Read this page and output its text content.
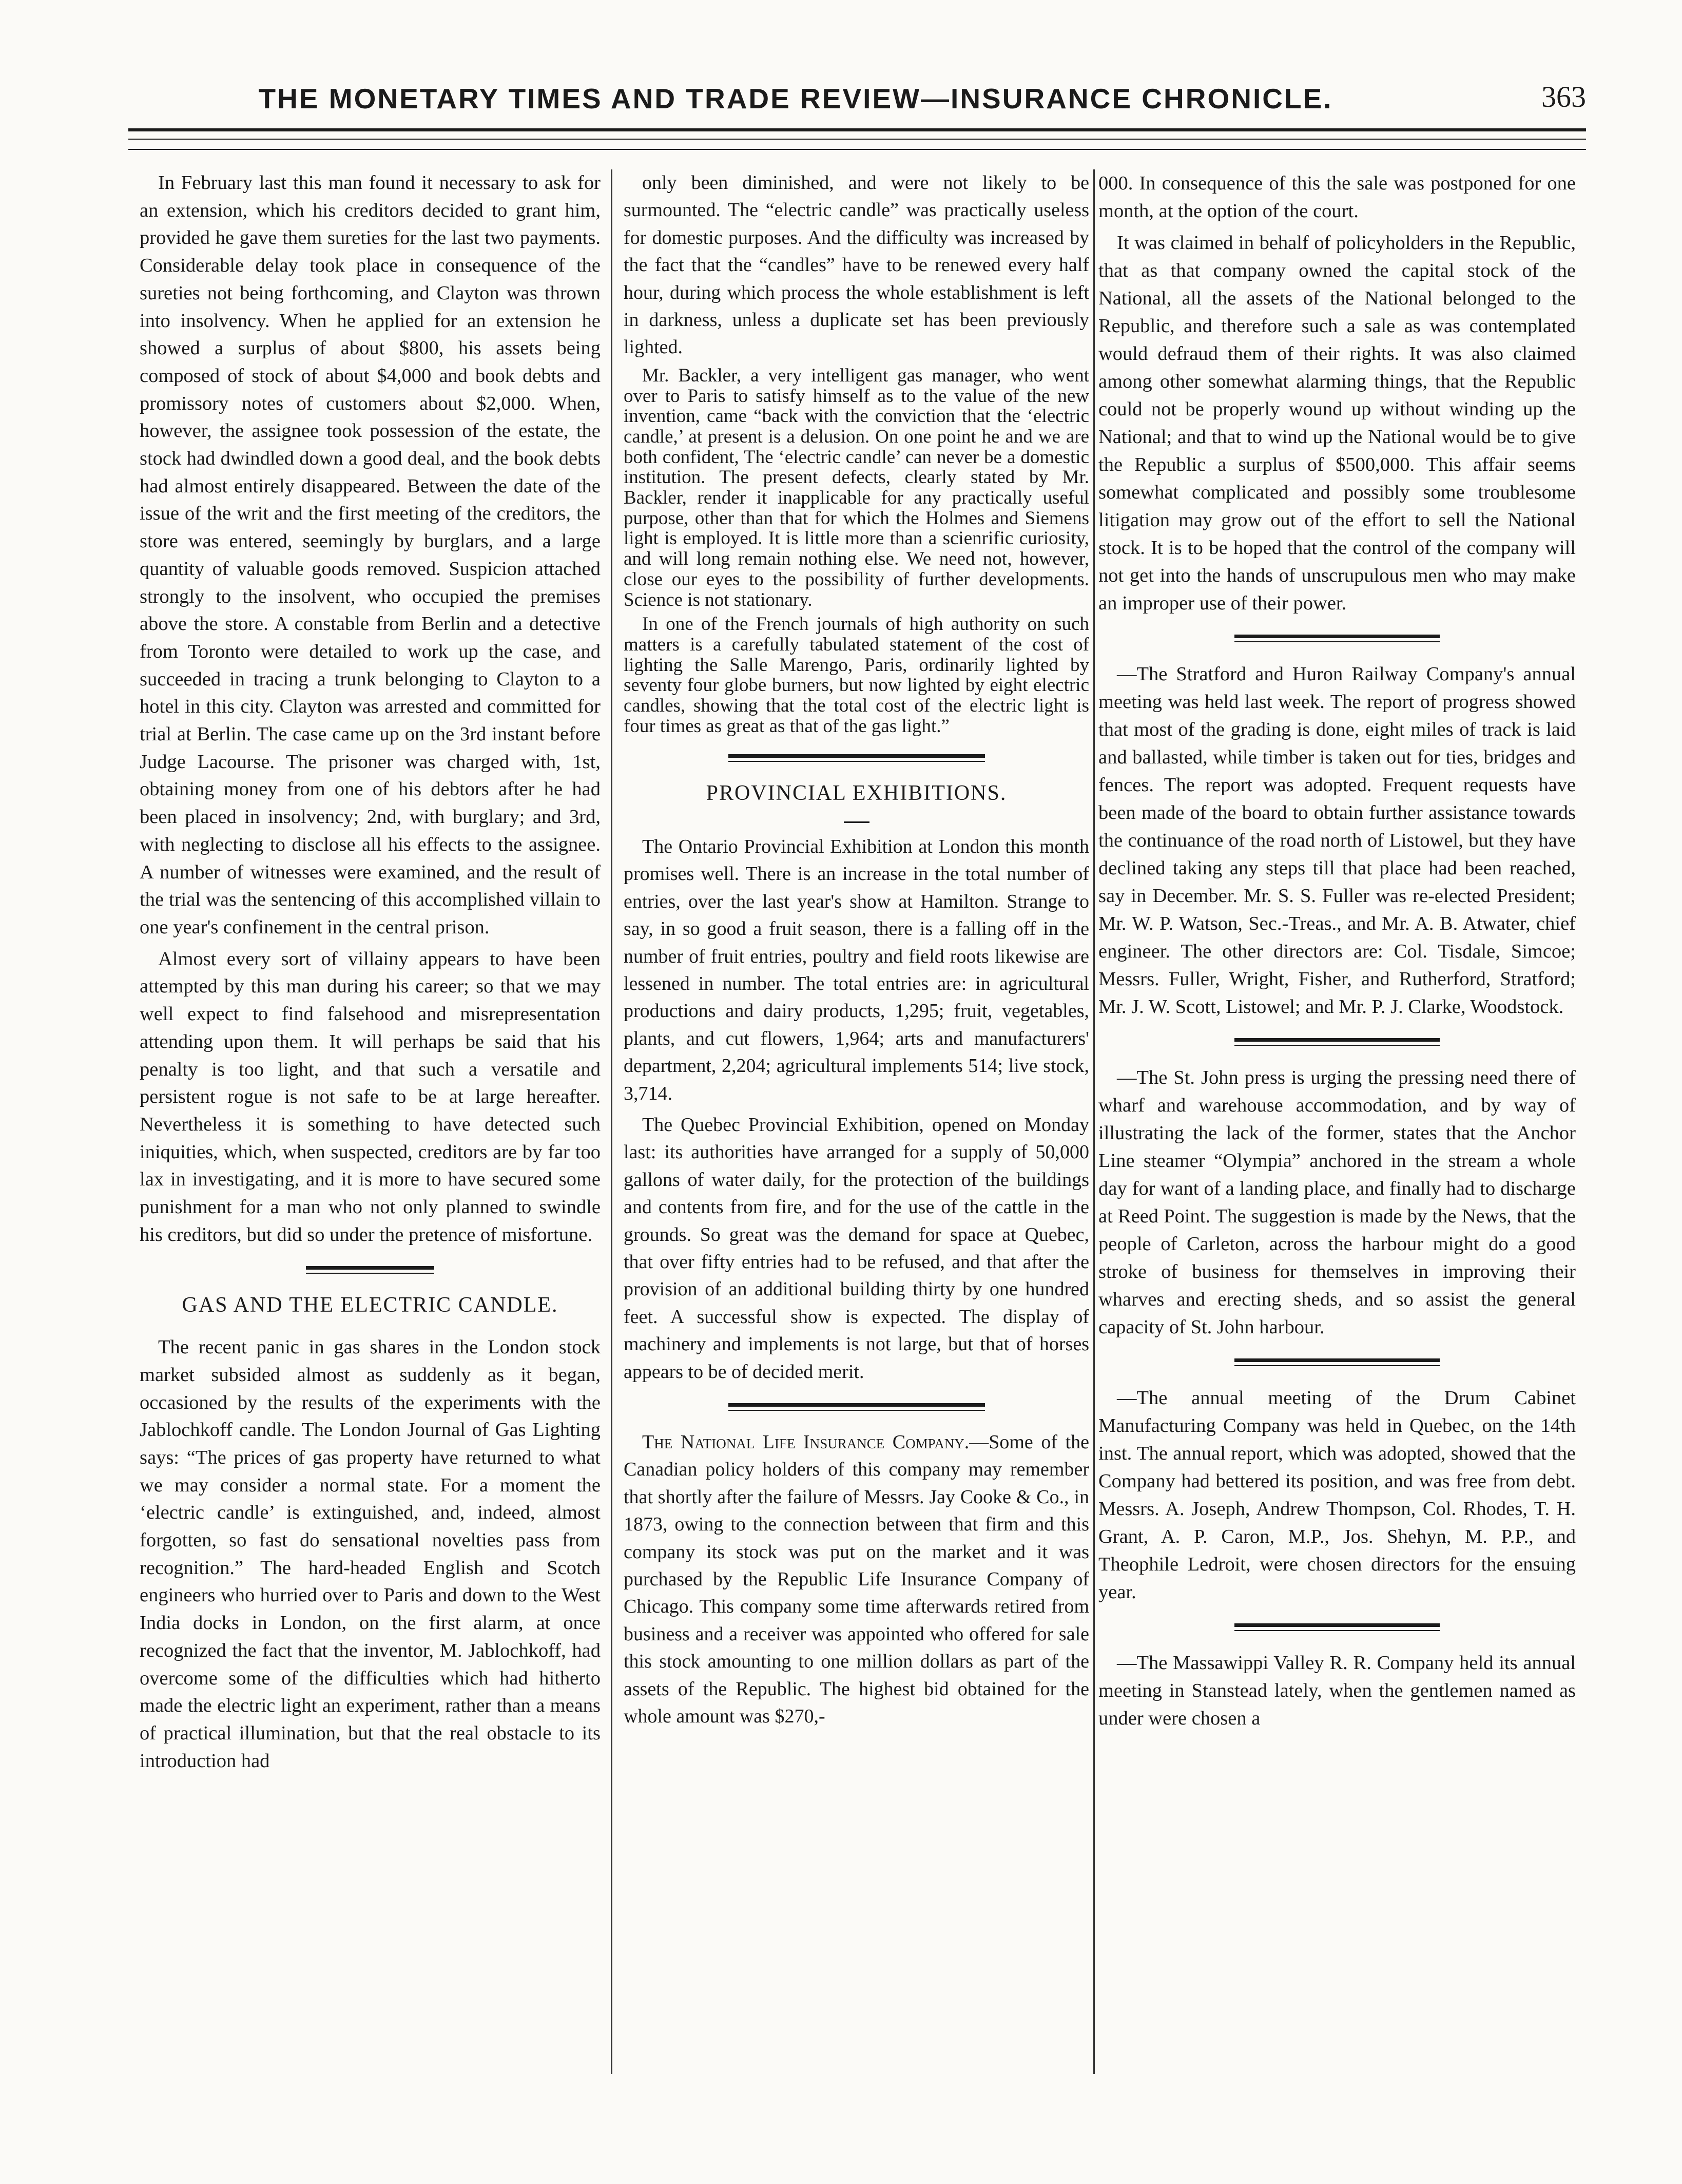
THE MONETARY TIMES AND TRADE REVIEW—INSURANCE CHRONICLE.	363

In February last this man found it necessary to ask for an extension, which his creditors decided to grant him, provided he gave them sureties for the last two payments. Considerable delay took place in consequence of the sureties not being forthcoming, and Clayton was thrown into insolvency. When he applied for an extension he showed a surplus of about $800, his assets being composed of stock of about $4,000 and book debts and promissory notes of customers about $2,000. When, however, the assignee took possession of the estate, the stock had dwindled down a good deal, and the book debts had almost entirely disappeared. Between the date of the issue of the writ and the first meeting of the creditors, the store was entered, seemingly by burglars, and a large quantity of valuable goods removed. Suspicion attached strongly to the insolvent, who occupied the premises above the store. A constable from Berlin and a detective from Toronto were detailed to work up the case, and succeeded in tracing a trunk belonging to Clayton to a hotel in this city. Clayton was arrested and committed for trial at Berlin. The case came up on the 3rd instant before Judge Lacourse. The prisoner was charged with, 1st, obtaining money from one of his debtors after he had been placed in insolvency; 2nd, with burglary; and 3rd, with neglecting to disclose all his effects to the assignee. A number of witnesses were examined, and the result of the trial was the sentencing of this accomplished villain to one year's confinement in the central prison.

Almost every sort of villainy appears to have been attempted by this man during his career; so that we may well expect to find falsehood and misrepresentation attending upon them. It will perhaps be said that his penalty is too light, and that such a versatile and persistent rogue is not safe to be at large hereafter. Nevertheless it is something to have detected such iniquities, which, when suspected, creditors are by far too lax in investigating, and it is more to have secured some punishment for a man who not only planned to swindle his creditors, but did so under the pretence of misfortune.

GAS AND THE ELECTRIC CANDLE.

The recent panic in gas shares in the London stock market subsided almost as suddenly as it began, occasioned by the results of the experiments with the Jablochkoff candle. The London Journal of Gas Lighting says: “The prices of gas property have returned to what we may consider a normal state. For a moment the ‘electric candle’ is extinguished, and, indeed, almost forgotten, so fast do sensational novelties pass from recognition.” The hard-headed English and Scotch engineers who hurried over to Paris and down to the West India docks in London, on the first alarm, at once recognized the fact that the inventor, M. Jablochkoff, had overcome some of the difficulties which had hitherto made the electric light an experiment, rather than a means of practical illumination, but that the real obstacle to its introduction had

only been diminished, and were not likely to be surmounted. The “electric candle” was practically useless for domestic purposes. And the difficulty was increased by the fact that the “candles” have to be renewed every half hour, during which process the whole establishment is left in darkness, unless a duplicate set has been previously lighted.

Mr. Backler, a very intelligent gas manager, who went over to Paris to satisfy himself as to the value of the new invention, came “back with the conviction that the ‘electric candle,’ at present is a delusion. On one point he and we are both confident, The ‘electric candle’ can never be a domestic institution. The present defects, clearly stated by Mr. Backler, render it inapplicable for any practically useful purpose, other than that for which the Holmes and Siemens light is employed. It is little more than a scienrific curiosity, and will long remain nothing else. We need not, however, close our eyes to the possibility of further developments. Science is not stationary.

In one of the French journals of high authority on such matters is a carefully tabulated statement of the cost of lighting the Salle Marengo, Paris, ordinarily lighted by seventy four globe burners, but now lighted by eight electric candles, showing that the total cost of the electric light is four times as great as that of the gas light.”

PROVINCIAL EXHIBITIONS.

The Ontario Provincial Exhibition at London this month promises well. There is an increase in the total number of entries, over the last year's show at Hamilton. Strange to say, in so good a fruit season, there is a falling off in the number of fruit entries, poultry and field roots likewise are lessened in number. The total entries are: in agricultural productions and dairy products, 1,295; fruit, vegetables, plants, and cut flowers, 1,964; arts and manufacturers' department, 2,204; agricultural implements 514; live stock, 3,714.

The Quebec Provincial Exhibition, opened on Monday last: its authorities have arranged for a supply of 50,000 gallons of water daily, for the protection of the buildings and contents from fire, and for the use of the cattle in the grounds. So great was the demand for space at Quebec, that over fifty entries had to be refused, and that after the provision of an additional building thirty by one hundred feet. A successful show is expected. The display of machinery and implements is not large, but that of horses appears to be of decided merit.

The National Life Insurance Company.—Some of the Canadian policy holders of this company may remember that shortly after the failure of Messrs. Jay Cooke & Co., in 1873, owing to the connection between that firm and this company its stock was put on the market and it was purchased by the Republic Life Insurance Company of Chicago. This company some time afterwards retired from business and a receiver was appointed who offered for sale this stock amounting to one million dollars as part of the assets of the Republic. The highest bid obtained for the whole amount was $270,-

000. In consequence of this the sale was postponed for one month, at the option of the court.

It was claimed in behalf of policyholders in the Republic, that as that company owned the capital stock of the National, all the assets of the National belonged to the Republic, and therefore such a sale as was contemplated would defraud them of their rights. It was also claimed among other somewhat alarming things, that the Republic could not be properly wound up without winding up the National; and that to wind up the National would be to give the Republic a surplus of $500,000. This affair seems somewhat complicated and possibly some troublesome litigation may grow out of the effort to sell the National stock. It is to be hoped that the control of the company will not get into the hands of unscrupulous men who may make an improper use of their power.

—The Stratford and Huron Railway Company's annual meeting was held last week. The report of progress showed that most of the grading is done, eight miles of track is laid and ballasted, while timber is taken out for ties, bridges and fences. The report was adopted. Frequent requests have been made of the board to obtain further assistance towards the continuance of the road north of Listowel, but they have declined taking any steps till that place had been reached, say in December. Mr. S. S. Fuller was re-elected President; Mr. W. P. Watson, Sec.-Treas., and Mr. A. B. Atwater, chief engineer. The other directors are: Col. Tisdale, Simcoe; Messrs. Fuller, Wright, Fisher, and Rutherford, Stratford; Mr. J. W. Scott, Listowel; and Mr. P. J. Clarke, Woodstock.

—The St. John press is urging the pressing need there of wharf and warehouse accommodation, and by way of illustrating the lack of the former, states that the Anchor Line steamer “Olympia” anchored in the stream a whole day for want of a landing place, and finally had to discharge at Reed Point. The suggestion is made by the News, that the people of Carleton, across the harbour might do a good stroke of business for themselves in improving their wharves and erecting sheds, and so assist the general capacity of St. John harbour.

—The annual meeting of the Drum Cabinet Manufacturing Company was held in Quebec, on the 14th inst. The annual report, which was adopted, showed that the Company had bettered its position, and was free from debt. Messrs. A. Joseph, Andrew Thompson, Col. Rhodes, T. H. Grant, A. P. Caron, M.P., Jos. Shehyn, M. P.P., and Theophile Ledroit, were chosen directors for the ensuing year.

—The Massawippi Valley R. R. Company held its annual meeting in Stanstead lately, when the gentlemen named as under were chosen a
